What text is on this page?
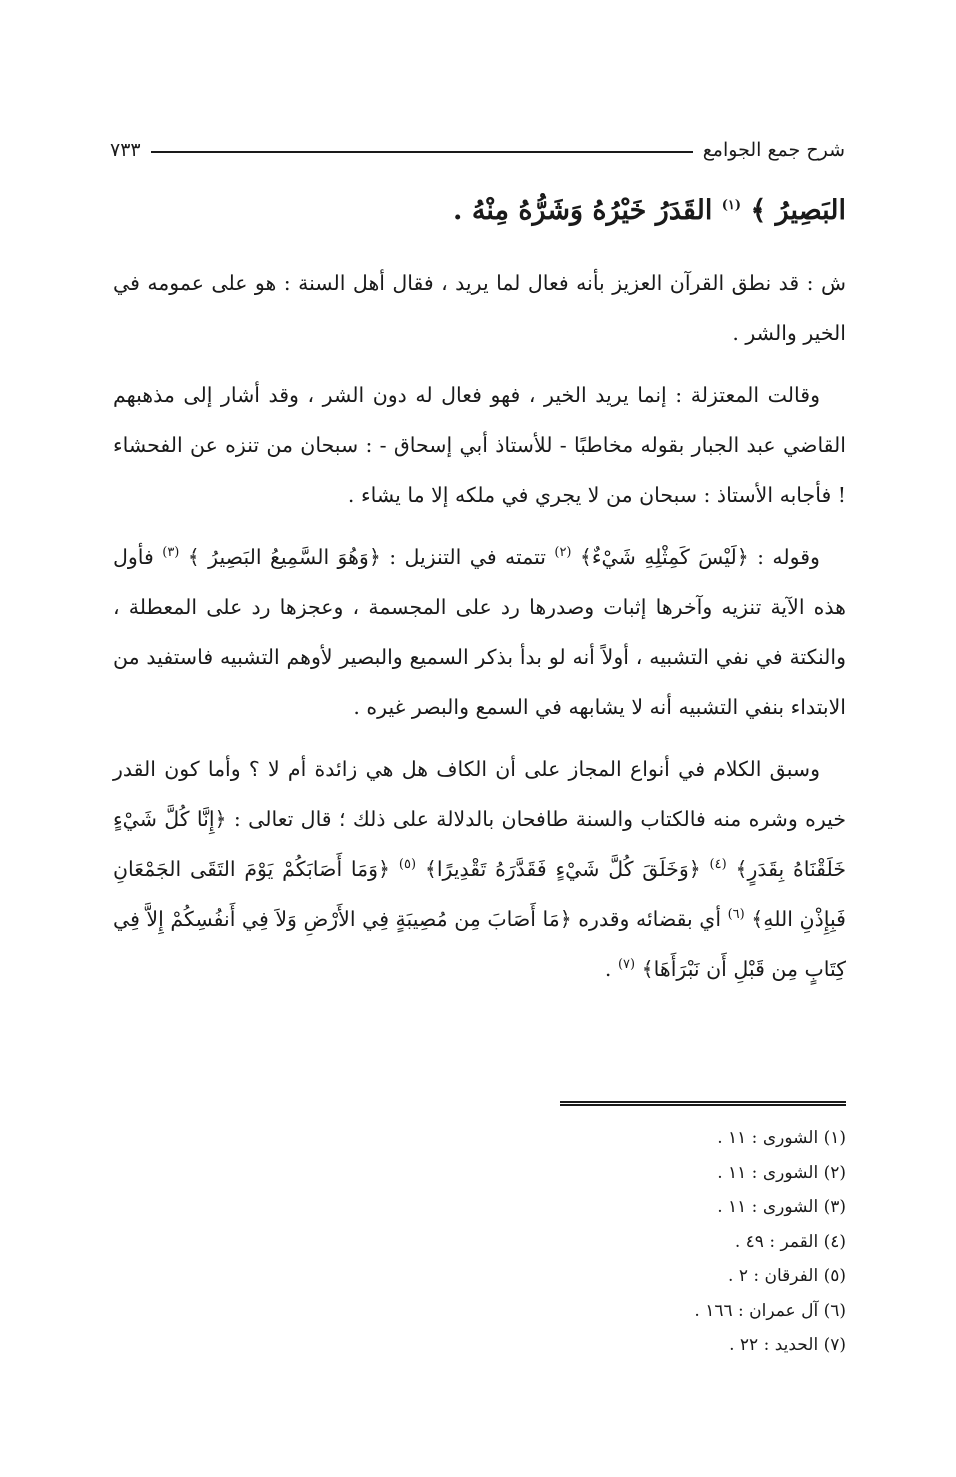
شرح جمع الجوامع
٧٣٣

البَصِيرُ ﴾ $^{(١)}$ القَدَرُ خَيْرُهُ وَشَرُّهُ مِنْهُ .

ش : قد نطق القرآن العزيز بأنه فعال لما يريد ، فقال أهل السنة : هو على عمومه في الخير والشر .

وقالت المعتزلة : إنما يريد الخير ، فهو فعال له دون الشر ، وقد أشار إلى مذهبهم القاضي عبد الجبار بقوله مخاطبًا - للأستاذ أبي إسحاق - : سبحان من تنزه عن الفحشاء ! فأجابه الأستاذ : سبحان من لا يجري في ملكه إلا ما يشاء .

وقوله : ﴿لَيْسَ كَمِثْلِهِ شَيْءٌ﴾ $^{(٢)}$ تتمته في التنزيل : ﴿وَهُوَ السَّمِيعُ البَصِيرُ ﴾ $^{(٣)}$ فأول هذه الآية تنزيه وآخرها إثبات وصدرها رد على المجسمة ، وعجزها رد على المعطلة ، والنكتة في نفي التشبيه ، أولاً أنه لو بدأ بذكر السميع والبصير لأوهم التشبيه فاستفيد من الابتداء بنفي التشبيه أنه لا يشابهه في السمع والبصر غيره .

وسبق الكلام في أنواع المجاز على أن الكاف هل هي زائدة أم لا ؟ وأما كون القدر خيره وشره منه فالكتاب والسنة طافحان بالدلالة على ذلك ؛ قال تعالى : ﴿إِنَّا كُلَّ شَيْءٍ خَلَقْنَاهُ بِقَدَرٍ﴾ $^{(٤)}$ ﴿وَخَلَقَ كُلَّ شَيْءٍ فَقَدَّرَهُ تَقْدِيرًا﴾ $^{(٥)}$ ﴿وَمَا أَصَابَكُمْ يَوْمَ التَقَى الجَمْعَانِ فَبِإِذْنِ اللهِ﴾ $^{(٦)}$ أي بقضائه وقدره ﴿مَا أَصَابَ مِن مُصِيبَةٍ فِي الأَرْضِ وَلاَ فِي أَنفُسِكُمْ إِلاَّ فِي كِتَابٍ مِن قَبْلِ أَن نَبْرَأَهَا﴾ $^{(٧)}$ .

(١) الشورى : ١١ .
(٢) الشورى : ١١ .
(٣) الشورى : ١١ .
(٤) القمر : ٤٩ .
(٥) الفرقان : ٢ .
(٦) آل عمران : ١٦٦ .
(٧) الحديد : ٢٢ .
